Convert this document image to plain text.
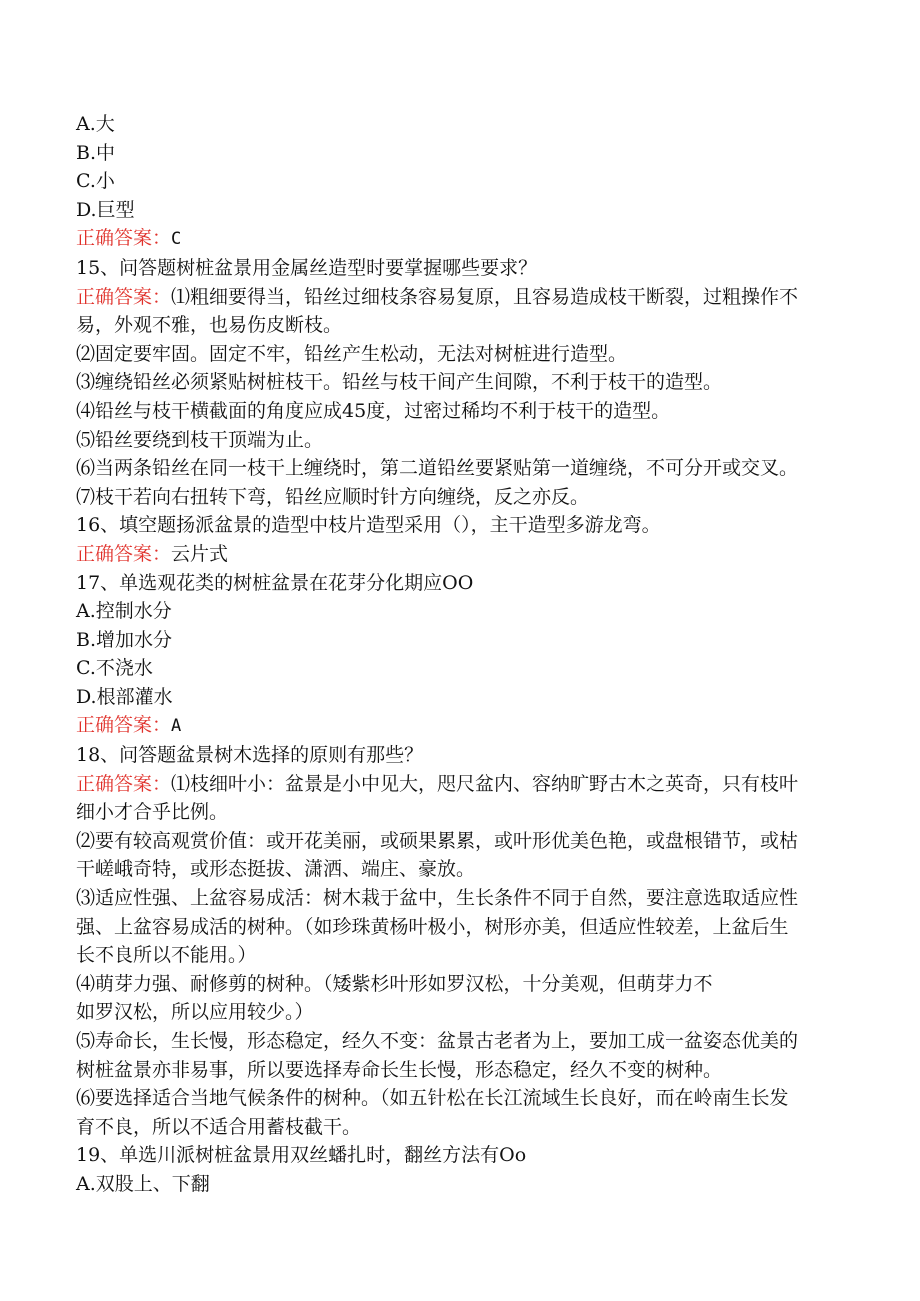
A.大
B.中
C.小
D.巨型
正确答案：C
15、问答题树桩盆景用金属丝造型时要掌握哪些要求？
正确答案：⑴粗细要得当，铅丝过细枝条容易复原，且容易造成枝干断裂，过粗操作不
易，外观不雅，也易伤皮断枝。
⑵固定要牢固。固定不牢，铅丝产生松动，无法对树桩进行造型。
⑶缠绕铅丝必须紧贴树桩枝干。铅丝与枝干间产生间隙，不利于枝干的造型。
⑷铅丝与枝干横截面的角度应成45度，过密过稀均不利于枝干的造型。
⑸铅丝要绕到枝干顶端为止。
⑹当两条铅丝在同一枝干上缠绕时，第二道铅丝要紧贴第一道缠绕，不可分开或交叉。
⑺枝干若向右扭转下弯，铅丝应顺时针方向缠绕，反之亦反。
16、填空题扬派盆景的造型中枝片造型采用（），主干造型多游龙弯。
正确答案：云片式
17、单选观花类的树桩盆景在花芽分化期应OO
A.控制水分
B.增加水分
C.不浇水
D.根部灌水
正确答案：A
18、问答题盆景树木选择的原则有那些？
正确答案：⑴枝细叶小：盆景是小中见大，咫尺盆内、容纳旷野古木之英奇，只有枝叶
细小才合乎比例。
⑵要有较高观赏价值：或开花美丽，或硕果累累，或叶形优美色艳，或盘根错节，或枯
干嵯峨奇特，或形态挺拔、潇洒、端庄、豪放。
⑶适应性强、上盆容易成活：树木栽于盆中，生长条件不同于自然，要注意选取适应性
强、上盆容易成活的树种。（如珍珠黄杨叶极小，树形亦美，但适应性较差，上盆后生
长不良所以不能用。）
⑷萌芽力强、耐修剪的树种。（矮紫杉叶形如罗汉松，十分美观，但萌芽力不
如罗汉松，所以应用较少。）
⑸寿命长，生长慢，形态稳定，经久不变：盆景古老者为上，要加工成一盆姿态优美的
树桩盆景亦非易事，所以要选择寿命长生长慢，形态稳定，经久不变的树种。
⑹要选择适合当地气候条件的树种。（如五针松在长江流域生长良好，而在岭南生长发
育不良，所以不适合用蓄枝截干。
19、单选川派树桩盆景用双丝蟠扎时，翻丝方法有Oo
A.双股上、下翻
